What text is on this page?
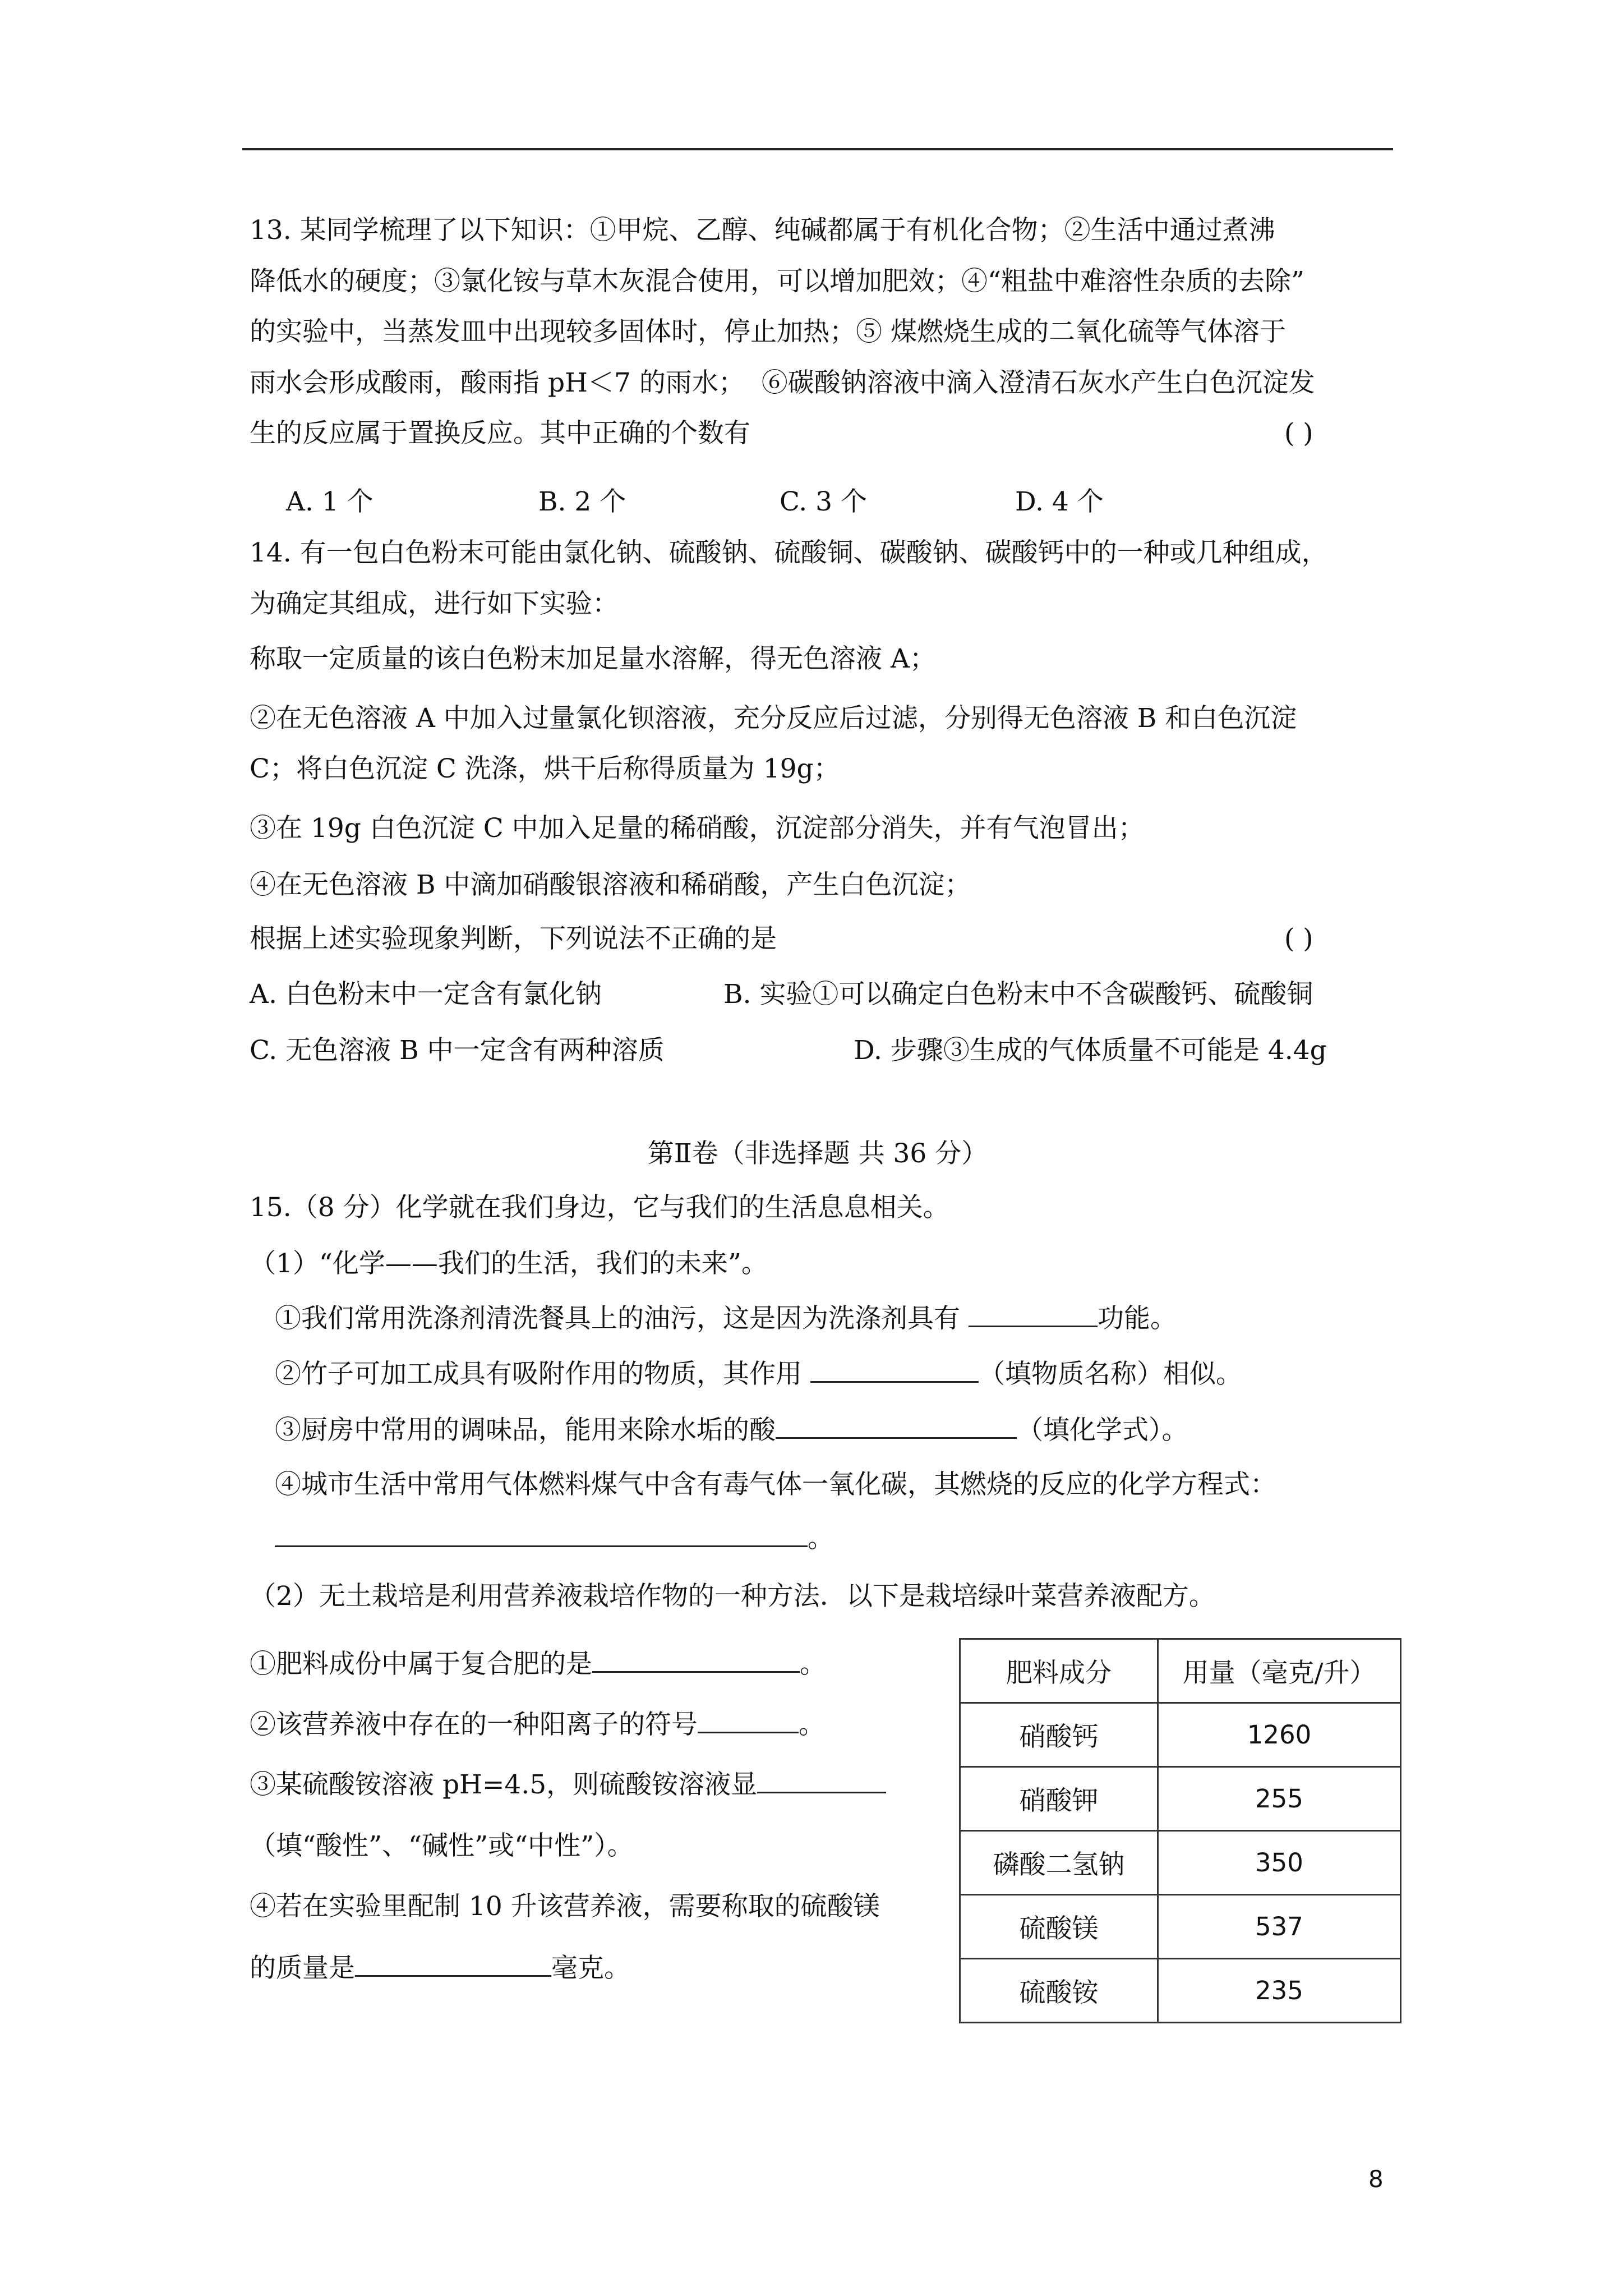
13. 某同学梳理了以下知识：①甲烷、乙醇、纯碱都属于有机化合物；②生活中通过煮沸
降低水的硬度；③氯化铵与草木灰混合使用，可以增加肥效；④“粗盐中难溶性杂质的去除”
的实验中，当蒸发皿中出现较多固体时，停止加热；⑤ 煤燃烧生成的二氧化硫等气体溶于
雨水会形成酸雨，酸雨指 pH＜7 的雨水；  ⑥碳酸钠溶液中滴入澄清石灰水产生白色沉淀发
生的反应属于置换反应。其中正确的个数有	( )
A. 1 个	B. 2 个	C. 3 个	D. 4 个
14. 有一包白色粉末可能由氯化钠、硫酸钠、硫酸铜、碳酸钠、碳酸钙中的一种或几种组成，
为确定其组成，进行如下实验：
称取一定质量的该白色粉末加足量水溶解，得无色溶液 A；
②在无色溶液 A 中加入过量氯化钡溶液，充分反应后过滤，分别得无色溶液 B 和白色沉淀
C；将白色沉淀 C 洗涤，烘干后称得质量为 19g；
③在 19g 白色沉淀 C 中加入足量的稀硝酸，沉淀部分消失，并有气泡冒出；
④在无色溶液 B 中滴加硝酸银溶液和稀硝酸，产生白色沉淀；
根据上述实验现象判断，下列说法不正确的是	( )
A. 白色粉末中一定含有氯化钠	B. 实验①可以确定白色粉末中不含碳酸钙、硫酸铜
C. 无色溶液 B 中一定含有两种溶质	D. 步骤③生成的气体质量不可能是 4.4g
第Ⅱ卷（非选择题 共 36 分）
15.（8 分）化学就在我们身边，它与我们的生活息息相关。
（1）“化学——我们的生活，我们的未来”。
①我们常用洗涤剂清洗餐具上的油污，这是因为洗涤剂具有	功能。
②竹子可加工成具有吸附作用的物质，其作用	（填物质名称）相似。
③厨房中常用的调味品，能用来除水垢的酸	（填化学式）。
④城市生活中常用气体燃料煤气中含有毒气体一氧化碳，其燃烧的反应的化学方程式：
。
（2）无土栽培是利用营养液栽培作物的一种方法．以下是栽培绿叶菜营养液配方。
①肥料成份中属于复合肥的是	。
②该营养液中存在的一种阳离子的符号	。
③某硫酸铵溶液 pH=4.5，则硫酸铵溶液显
（填“酸性”、“碱性”或“中性”）。
④若在实验里配制 10 升该营养液，需要称取的硫酸镁
的质量是	毫克。
肥料成分	用量（毫克/升）
硝酸钙	1260
硝酸钾	255
磷酸二氢钠	350
硫酸镁	537
硫酸铵	235
8
